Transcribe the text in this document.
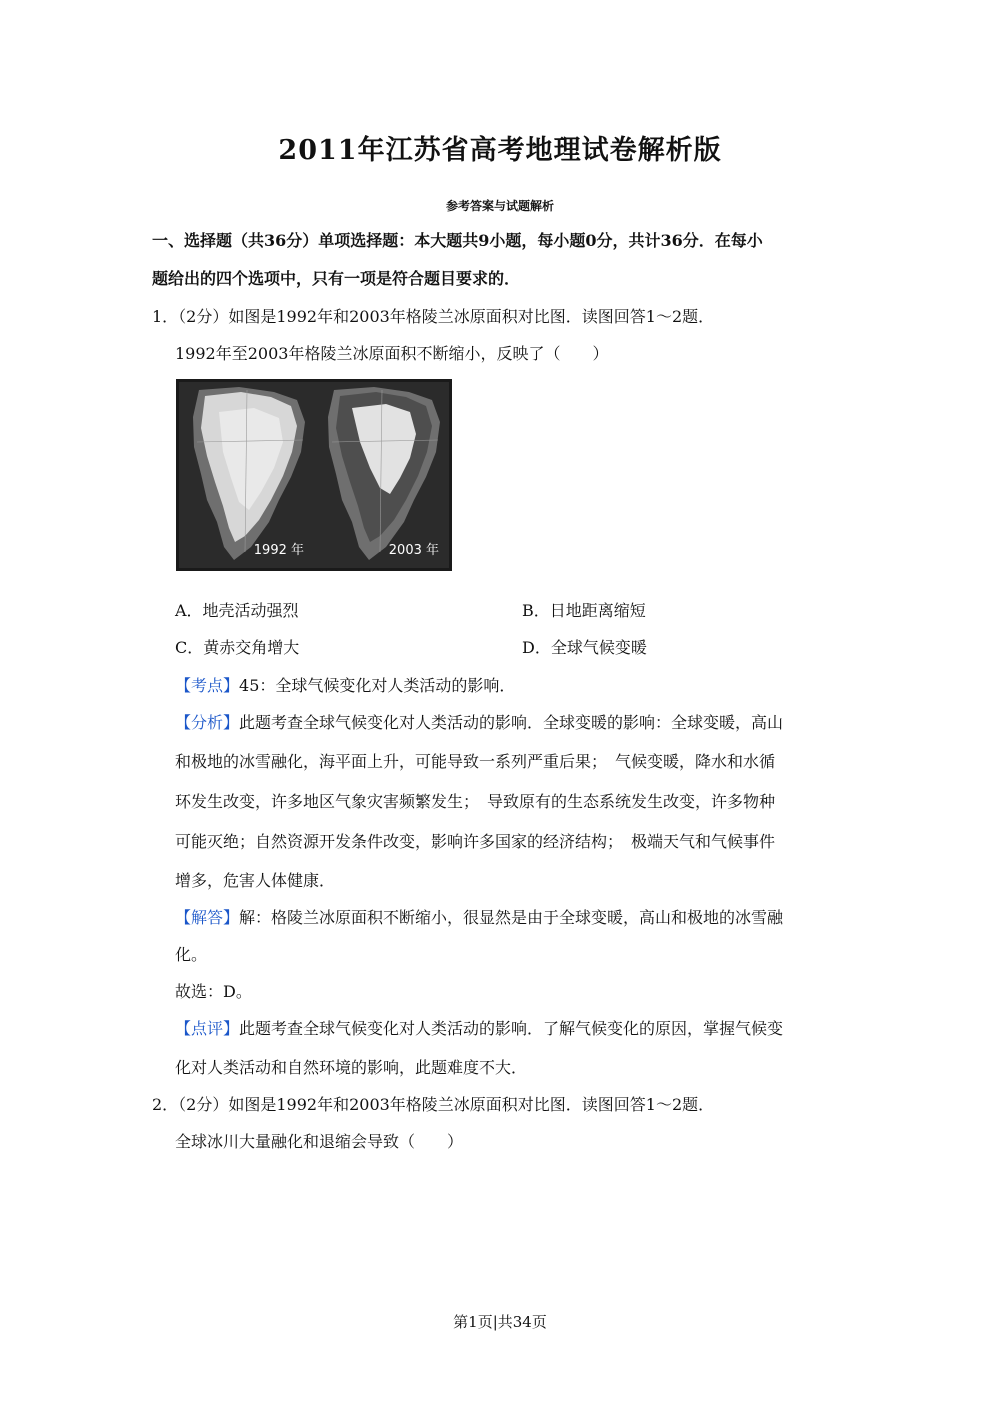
2011年江苏省高考地理试卷解析版
参考答案与试题解析
一、选择题（共36分）单项选择题：本大题共9小题，每小题0分，共计36分．在每小
题给出的四个选项中，只有一项是符合题目要求的．
1．（2分）如图是1992年和2003年格陵兰冰原面积对比图．读图回答1～2题．
1992年至2003年格陵兰冰原面积不断缩小，反映了（　　）
1992 年	2003 年
A．地壳活动强烈	B．日地距离缩短
C．黄赤交角增大	D．全球气候变暖
【考点】45：全球气候变化对人类活动的影响．
【分析】此题考查全球气候变化对人类活动的影响．全球变暖的影响：全球变暖，高山
和极地的冰雪融化，海平面上升，可能导致一系列严重后果；　气候变暖，降水和水循
环发生改变，许多地区气象灾害频繁发生；　导致原有的生态系统发生改变，许多物种
可能灭绝；自然资源开发条件改变，影响许多国家的经济结构；　极端天气和气候事件
增多，危害人体健康．
【解答】解：格陵兰冰原面积不断缩小，很显然是由于全球变暖，高山和极地的冰雪融
化。
故选：D。
【点评】此题考查全球气候变化对人类活动的影响．了解气候变化的原因，掌握气候变
化对人类活动和自然环境的影响，此题难度不大．
2．（2分）如图是1992年和2003年格陵兰冰原面积对比图．读图回答1～2题．
全球冰川大量融化和退缩会导致（　　）
第1页|共34页
